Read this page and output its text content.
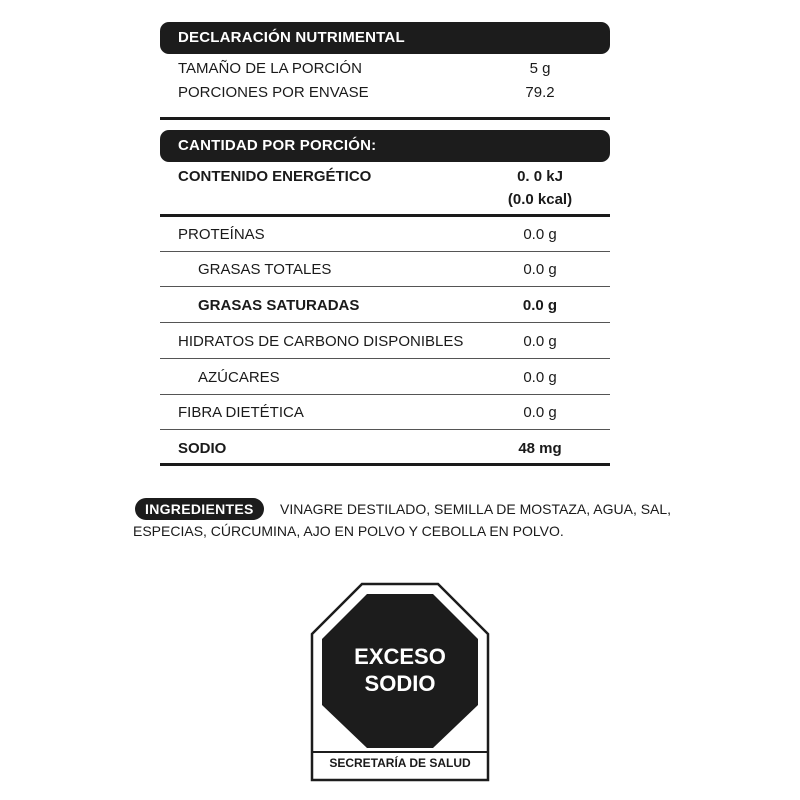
DECLARACIÓN NUTRIMENTAL
TAMAÑO DE LA PORCIÓN	5 g
PORCIONES POR ENVASE	79.2
CANTIDAD POR PORCIÓN:
CONTENIDO ENERGÉTICO	0. 0 kJ
(0.0 kcal)
PROTEÍNAS	0.0 g
GRASAS TOTALES	0.0 g
GRASAS SATURADAS	0.0 g
HIDRATOS DE CARBONO DISPONIBLES	0.0 g
AZÚCARES	0.0 g
FIBRA DIETÉTICA	0.0 g
SODIO	48 mg
INGREDIENTES	VINAGRE DESTILADO, SEMILLA DE MOSTAZA, AGUA, SAL,
ESPECIAS, CÚRCUMINA, AJO EN POLVO Y CEBOLLA EN POLVO.
EXCESO
SODIO
SECRETARÍA DE SALUD
